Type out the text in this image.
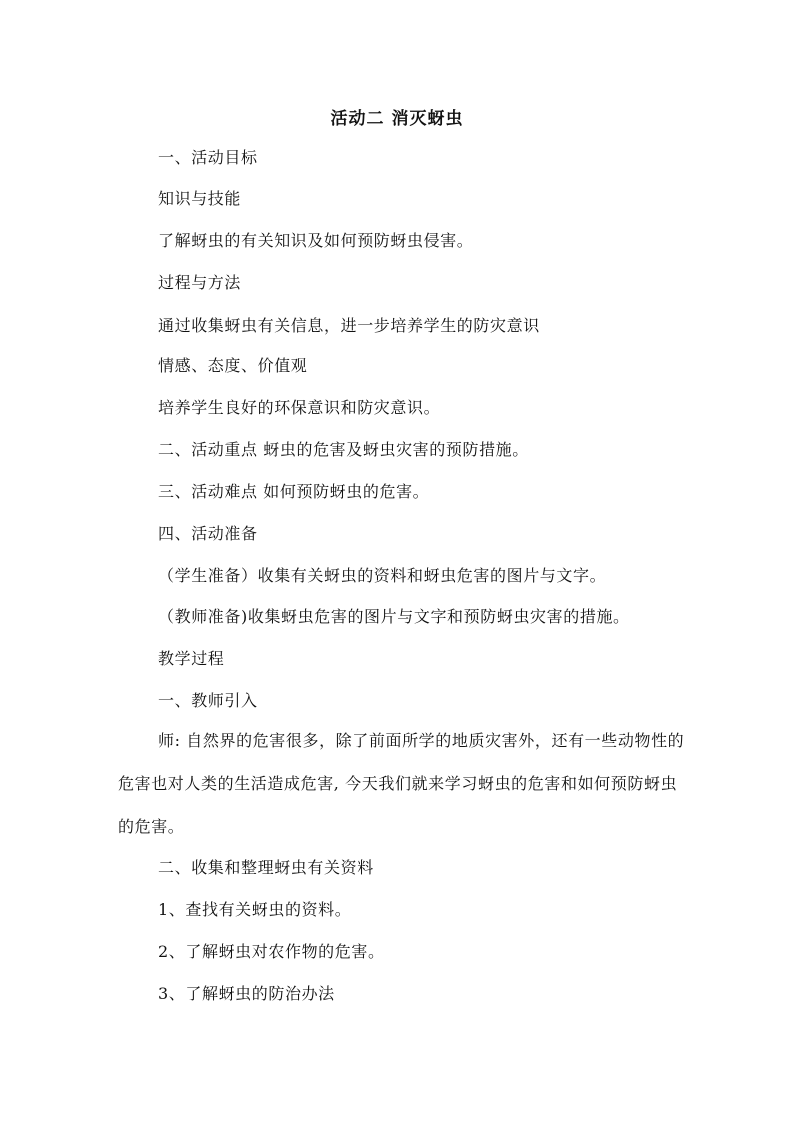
活动二 消灭蚜虫
一、活动目标
知识与技能
了解蚜虫的有关知识及如何预防蚜虫侵害。
过程与方法
通过收集蚜虫有关信息，进一步培养学生的防灾意识
情感、态度、价值观
培养学生良好的环保意识和防灾意识。
二、活动重点 蚜虫的危害及蚜虫灾害的预防措施。
三、活动难点 如何预防蚜虫的危害。
四、活动准备
（学生准备）收集有关蚜虫的资料和蚜虫危害的图片与文字。
（教师准备)收集蚜虫危害的图片与文字和预防蚜虫灾害的措施。
教学过程
一、教师引入
师: 自然界的危害很多，除了前面所学的地质灾害外，还有一些动物性的危害也对人类的生活造成危害, 今天我们就来学习蚜虫的危害和如何预防蚜虫的危害。
二、收集和整理蚜虫有关资料
1、查找有关蚜虫的资料。
2、了解蚜虫对农作物的危害。
3、了解蚜虫的防治办法
